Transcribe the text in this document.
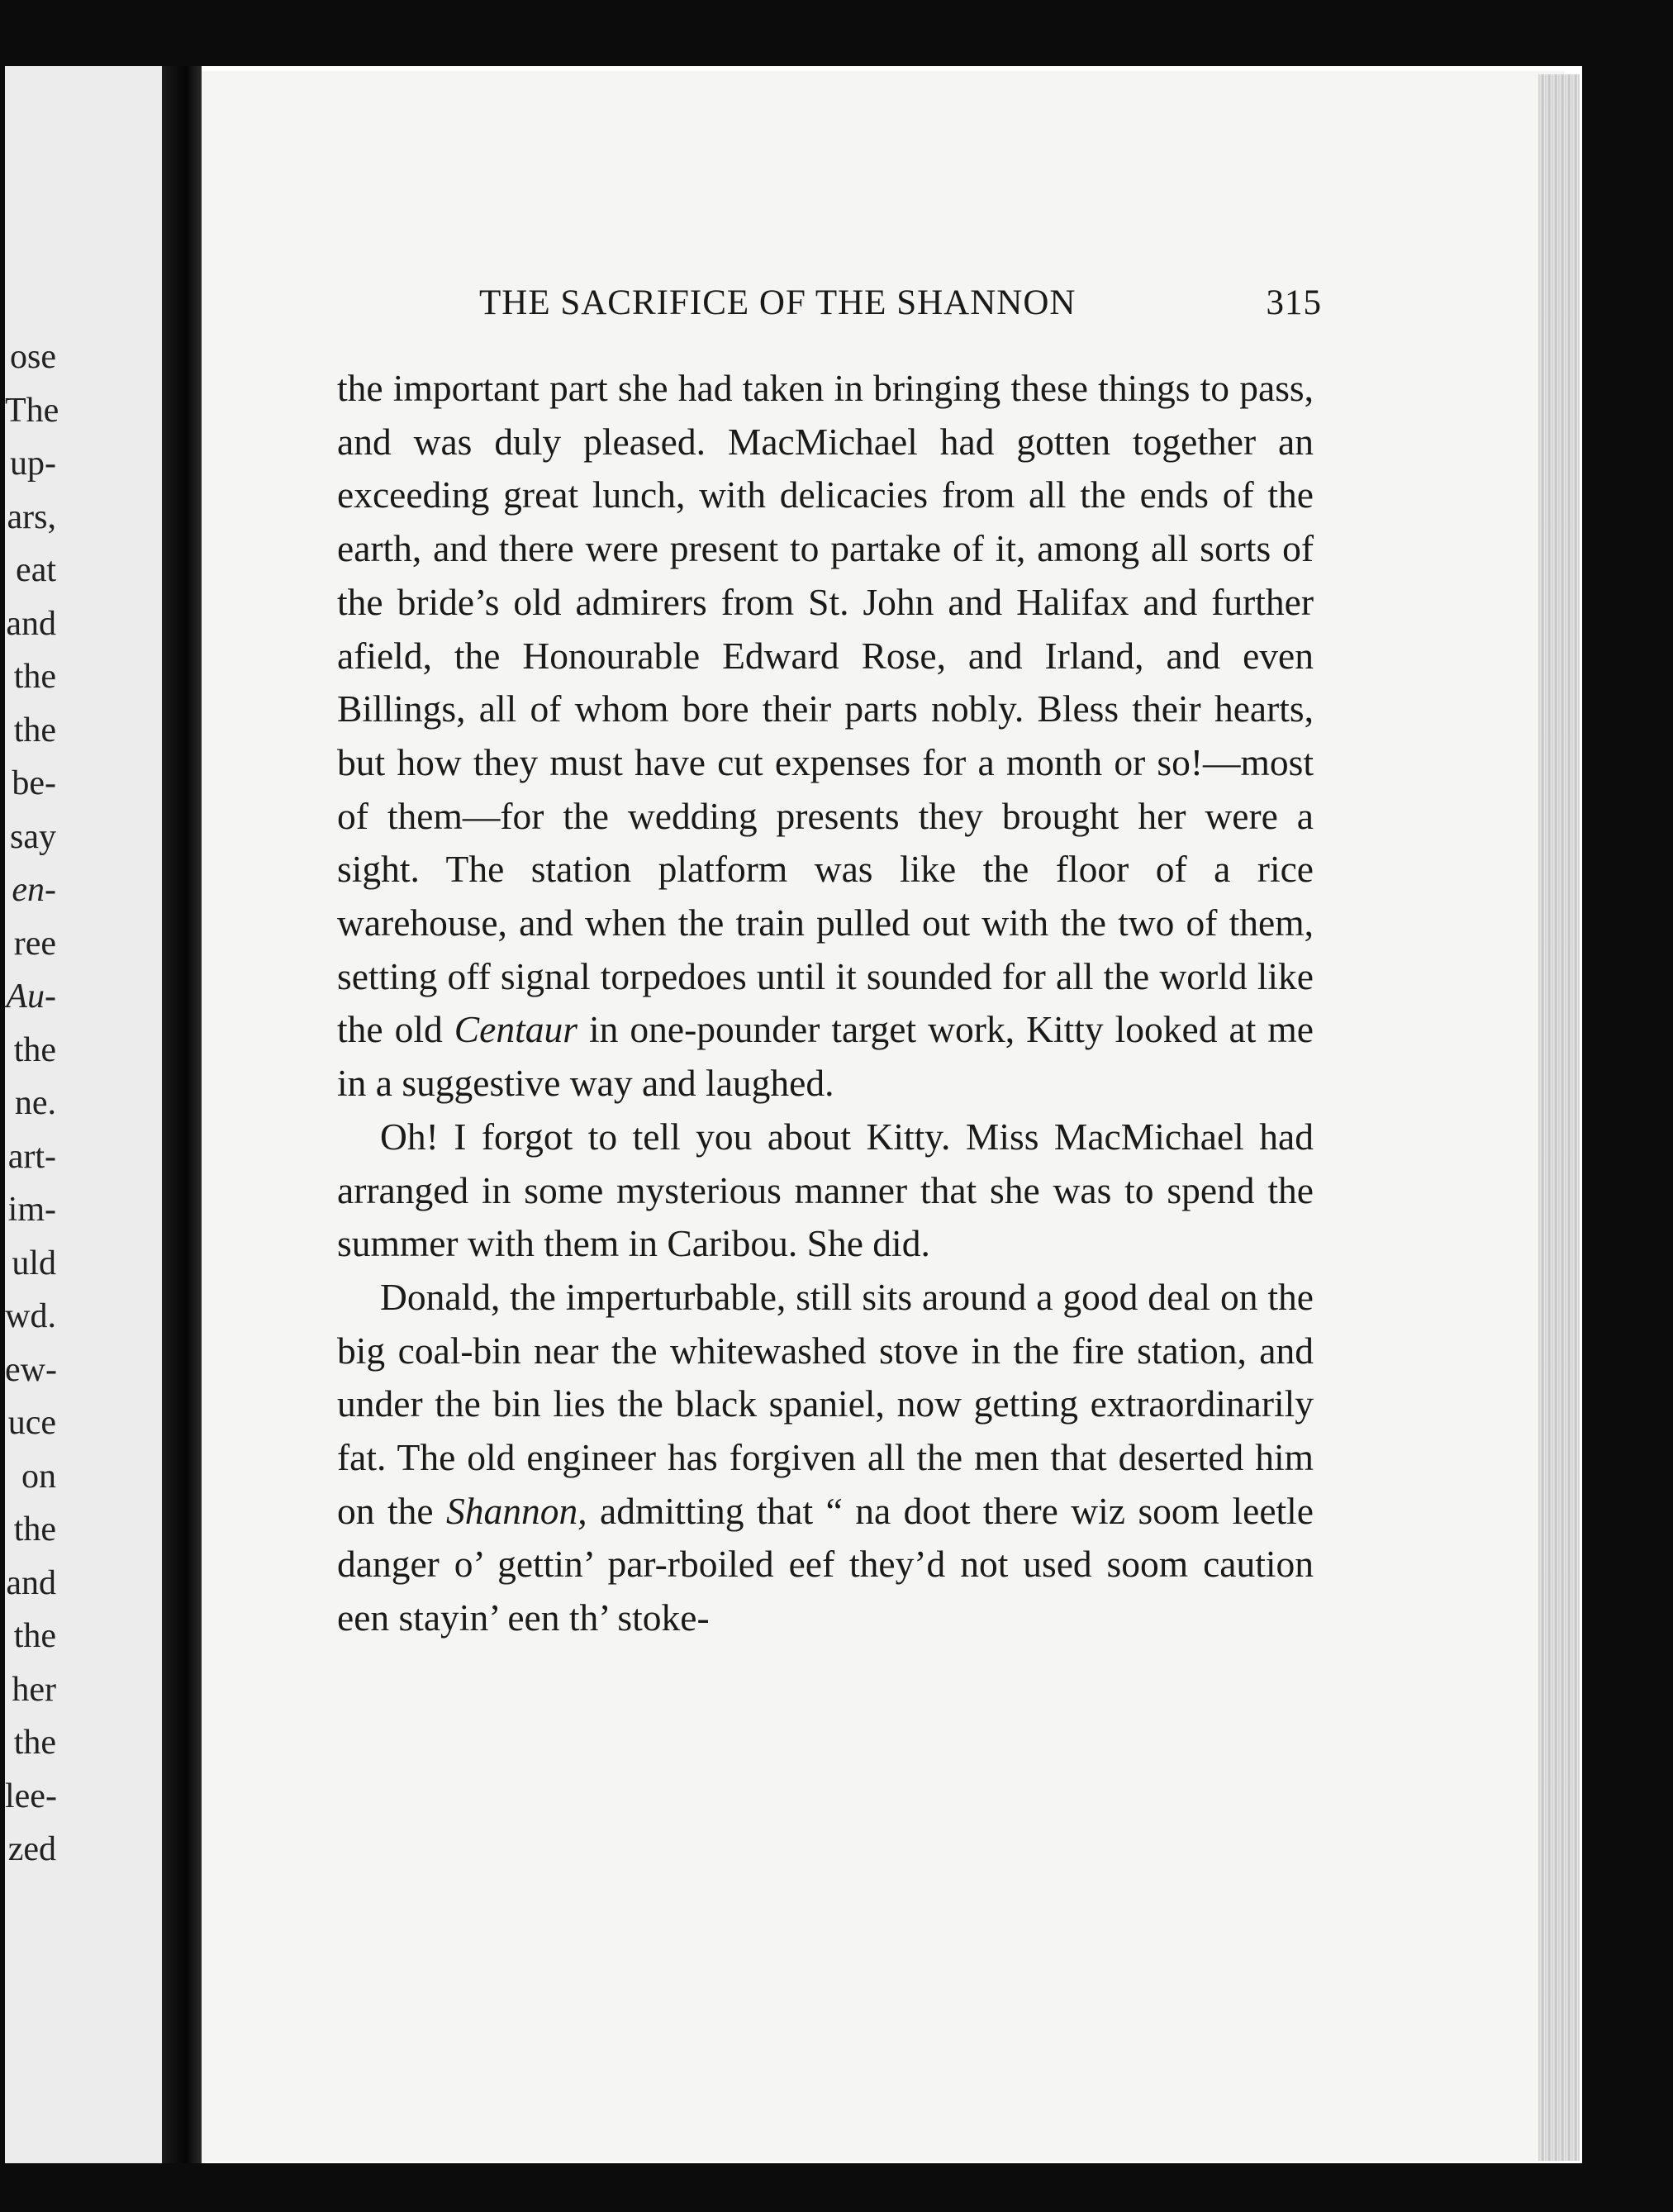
ose
The
up-
ars,
eat
and
the
the
be-
say
en-
ree
Au-
the
ne.
art-
im-
uld
wd.
ew-
uce
on
the
and
the
her
the
lee-
zed
THE SACRIFICE OF THE SHANNON	315

the important part she had taken in bringing these things to pass, and was duly pleased. MacMichael had gotten together an exceeding great lunch, with delicacies from all the ends of the earth, and there were present to partake of it, among all sorts of the bride’s old admirers from St. John and Halifax and further afield, the Honourable Edward Rose, and Irland, and even Billings, all of whom bore their parts nobly. Bless their hearts, but how they must have cut expenses for a month or so!—most of them—for the wedding presents they brought her were a sight. The station platform was like the floor of a rice warehouse, and when the train pulled out with the two of them, setting off signal torpedoes until it sounded for all the world like the old Centaur in one-pounder target work, Kitty looked at me in a suggestive way and laughed.

Oh! I forgot to tell you about Kitty. Miss MacMichael had arranged in some mysterious manner that she was to spend the summer with them in Caribou. She did.

Donald, the imperturbable, still sits around a good deal on the big coal-bin near the whitewashed stove in the fire station, and under the bin lies the black spaniel, now getting extraordinarily fat. The old engineer has forgiven all the men that deserted him on the Shannon, admitting that “ na doot there wiz soom leetle danger o’ gettin’ par-rboiled eef they’d not used soom caution een stayin’ een th’ stoke-
